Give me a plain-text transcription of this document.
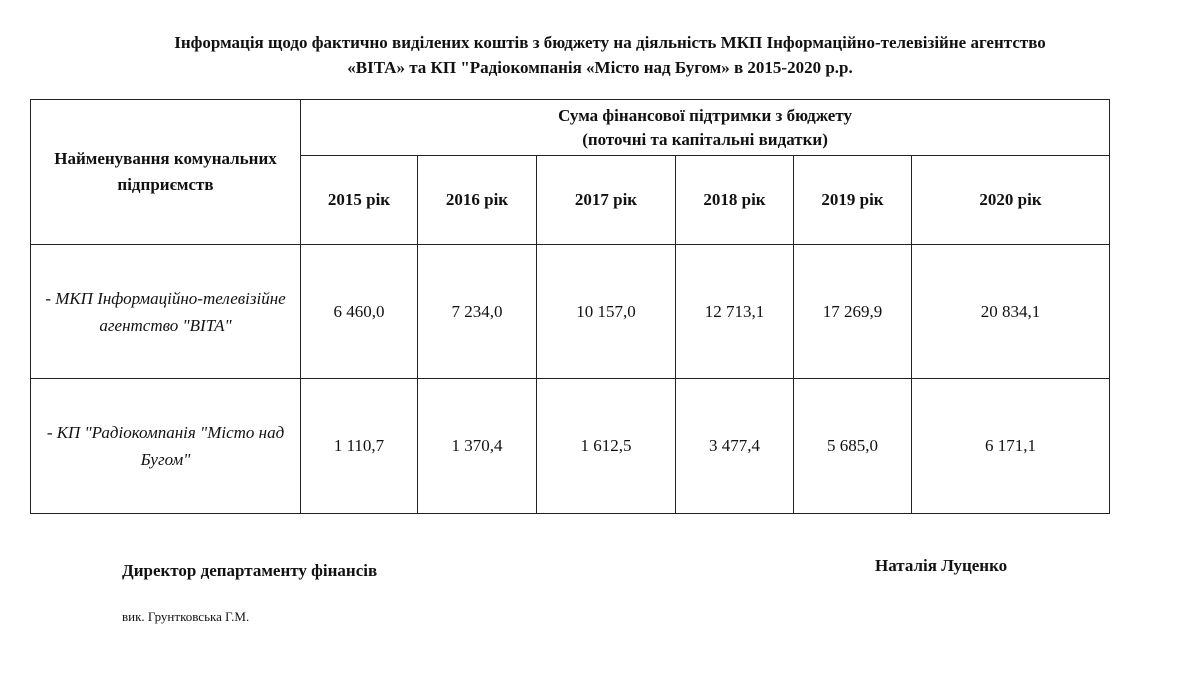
Інформація щодо фактично виділених коштів з бюджету на діяльність МКП Інформаційно-телевізійне агентство
«ВІТА» та КП "Радіокомпанія «Місто над Бугом» в 2015-2020 р.р.
Найменування комунальних підприємств	Сума фінансової підтримки з бюджету
(поточні та капітальні видатки)					

	2015 рік	2016 рік	2017 рік	2018 рік	2019 рік	2020 рік
- МКП Інформаційно-телевізійне агентство "ВІТА"	6 460,0	7 234,0	10 157,0	12 713,1	17 269,9	20 834,1
- КП "Радіокомпанія "Місто над Бугом"	1 110,7	1 370,4	1 612,5	3 477,4	5 685,0	6 171,1
Директор департаменту фінансів	Наталія Луценко
вик. Грунтковська Г.М.
